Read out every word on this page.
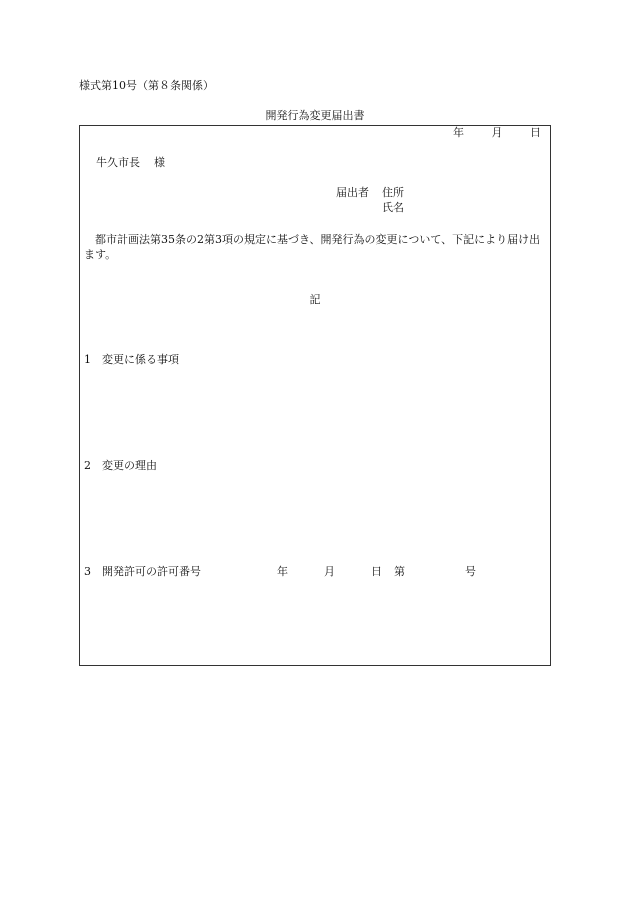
様式第10号（第８条関係）
開発行為変更届出書
年	月	日
牛久市長 様
届出者 住所
氏名
都市計画法第35条の2第3項の規定に基づき、開発行為の変更について、下記により届け出ます。
記
1 変更に係る事項
2 変更の理由
3 開発許可の許可番号	年	月	日 第	号
